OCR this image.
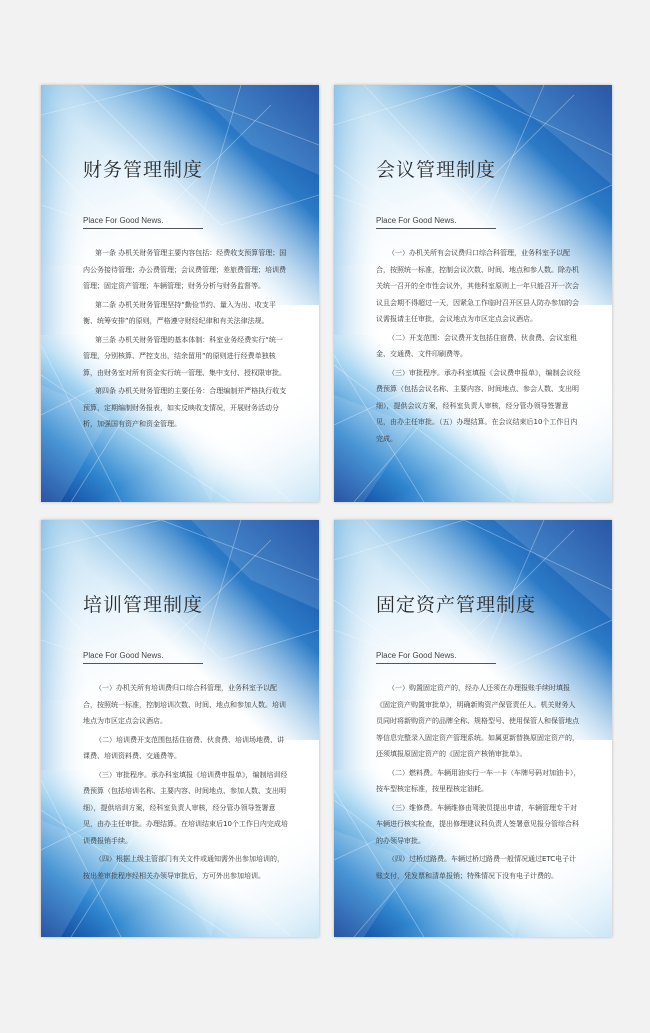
财务管理制度
Place For Good News.

第一条 办机关财务管理主要内容包括：经费收支预算管理；国内公务接待管理；办公费管理；会议费管理；差旅费管理；培训费管理；固定资产管理；车辆管理；财务分析与财务监督等。

第二条 办机关财务管理坚持“勤俭节约、量入为出、收支平衡、统筹安排”的原则，严格遵守财经纪律和有关法律法规。

第三条 办机关财务管理的基本体制：科室业务经费实行“统一管理，分别核算、严控支出，结余留用”的原则进行经费单独核算，由财务室对所有资金实行统一管理、集中支付、授权限审批。

第四条 办机关财务管理的主要任务：合理编制并严格执行收支预算，定期编制财务报表，如实反映收支情况，开展财务活动分析，加强国有资产和资金管理。

会议管理制度
Place For Good News.

（一）办机关所有会议费归口综合科管理，业务科室予以配合，按照统一标准，控制会议次数、时间、地点和参人数。除办机关统一召开的全市性会议外，其他科室原则上一年只能召开一次会议且会期不得超过一天，因紧急工作临时召开区县人防办参加的会议需报请主任审批，会议地点为市区定点会议酒店。

（二）开支范围：会议费开支包括住宿费、伙食费、会议室租金、交通费、文件印刷费等。

（三）审批程序。承办科室填报《会议费申报单》，编制会议经费预算（包括会议名称、主要内容、时间地点、参会人数、支出明细），提供会议方案，经科室负责人审核，经分管办领导签署意见，由办主任审批。（五）办理结算。在会议结束后10个工作日内完成。

培训管理制度
Place For Good News.

（一）办机关所有培训费归口综合科管理，业务科室予以配合，按照统一标准，控制培训次数、时间、地点和参加人数。培训地点为市区定点会议酒店。

（二）培训费开支范围包括住宿费、伙食费、培训场地费、讲课费、培训资料费、交通费等。

（三）审批程序。承办科室填报《培训费申报单》，编制培训经费预算（包括培训名称、主要内容、时间地点、参加人数、支出明细），提供培训方案，经科室负责人审核，经分管办领导签署意见，由办主任审批。办理结算。在培训结束后10个工作日内完成培训费报销手续。

（四）根据上级主管部门有关文件或通知需外出参加培训的，按出差审批程序经相关办领导审批后，方可外出参加培训。

固定资产管理制度
Place For Good News.

（一）购置固定资产的，经办人还须在办理报账手续时填报《固定资产购置审批单》，明确新购资产保管责任人。机关财务人员同时将新购资产的品牌全称、规格型号、使用保管人和保管地点等信息完整录入固定资产管理系统。如属更新替换原固定资产的，还须填报原固定资产的《固定资产核销审批单》。

（二）燃料费。车辆用油实行一车一卡（车牌号码对加油卡），按车型核定标准，按里程核定油耗。

（三）维修费。车辆维修由驾驶员提出申请，车辆管理专干对车辆进行核实检查，提出修理建议科负责人签署意见报分管综合科的办领导审批。

（四）过桥过路费。车辆过桥过路费一般情况通过ETC电子计账支付，凭发票和清单报销；特殊情况下没有电子计费的。
